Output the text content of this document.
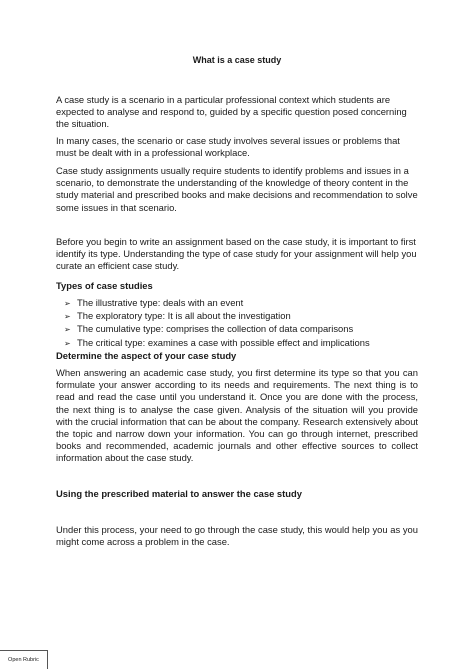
What is a case study

A case study is a scenario in a particular professional context which students are expected to analyse and respond to, guided by a specific question posed concerning the situation.

In many cases, the scenario or case study involves several issues or problems that must be dealt with in a professional workplace.

Case study assignments usually require students to identify problems and issues in a scenario, to demonstrate the understanding of the knowledge of theory content in the study material and prescribed books and make decisions and recommendation to solve some issues in that scenario.

Before you begin to write an assignment based on the case study, it is important to first identify its type. Understanding the type of case study for your assignment will help you curate an efficient case study.

Types of case studies

➢ The illustrative type: deals with an event
➢ The exploratory type: It is all about the investigation
➢ The cumulative type: comprises the collection of data comparisons
➢ The critical type: examines a case with possible effect and implications

Determine the aspect of your case study

When answering an academic case study, you first determine its type so that you can formulate your answer according to its needs and requirements. The next thing is to read and read the case until you understand it. Once you are done with the process, the next thing is to analyse the case given. Analysis of the situation will you provide with the crucial information that can be about the company. Research extensively about the topic and narrow down your information. You can go through internet, prescribed books and recommended, academic journals and other effective sources to collect information about the case study.

Using the prescribed material to answer the case study

Under this process, your need to go through the case study, this would help you as you might come across a problem in the case.

Open Rubric
